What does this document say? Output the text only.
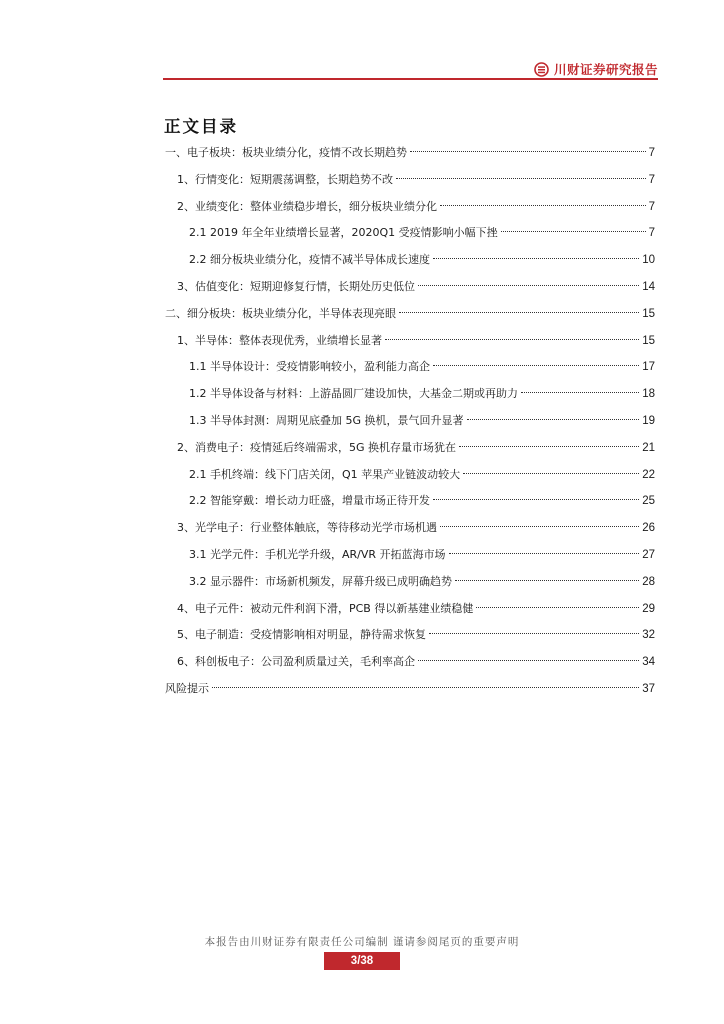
川财证券研究报告
正文目录
一、电子板块：板块业绩分化，疫情不改长期趋势	7
1、行情变化：短期震荡调整，长期趋势不改	7
2、业绩变化：整体业绩稳步增长，细分板块业绩分化	7
2.1 2019 年全年业绩增长显著，2020Q1 受疫情影响小幅下挫	7
2.2 细分板块业绩分化，疫情不减半导体成长速度	10
3、估值变化：短期迎修复行情，长期处历史低位	14
二、细分板块：板块业绩分化，半导体表现亮眼	15
1、半导体：整体表现优秀，业绩增长显著	15
1.1 半导体设计：受疫情影响较小，盈利能力高企	17
1.2 半导体设备与材料：上游晶圆厂建设加快，大基金二期或再助力	18
1.3 半导体封测：周期见底叠加 5G 换机，景气回升显著	19
2、消费电子：疫情延后终端需求，5G 换机存量市场犹在	21
2.1 手机终端：线下门店关闭，Q1 苹果产业链波动较大	22
2.2 智能穿戴：增长动力旺盛，增量市场正待开发	25
3、光学电子：行业整体触底，等待移动光学市场机遇	26
3.1 光学元件：手机光学升级，AR/VR 开拓蓝海市场	27
3.2 显示器件：市场新机频发，屏幕升级已成明确趋势	28
4、电子元件：被动元件利润下滑，PCB 得以新基建业绩稳健	29
5、电子制造：受疫情影响相对明显，静待需求恢复	32
6、科创板电子：公司盈利质量过关，毛利率高企	34
风险提示	37
本报告由川财证券有限责任公司编制 谨请参阅尾页的重要声明
3/38
